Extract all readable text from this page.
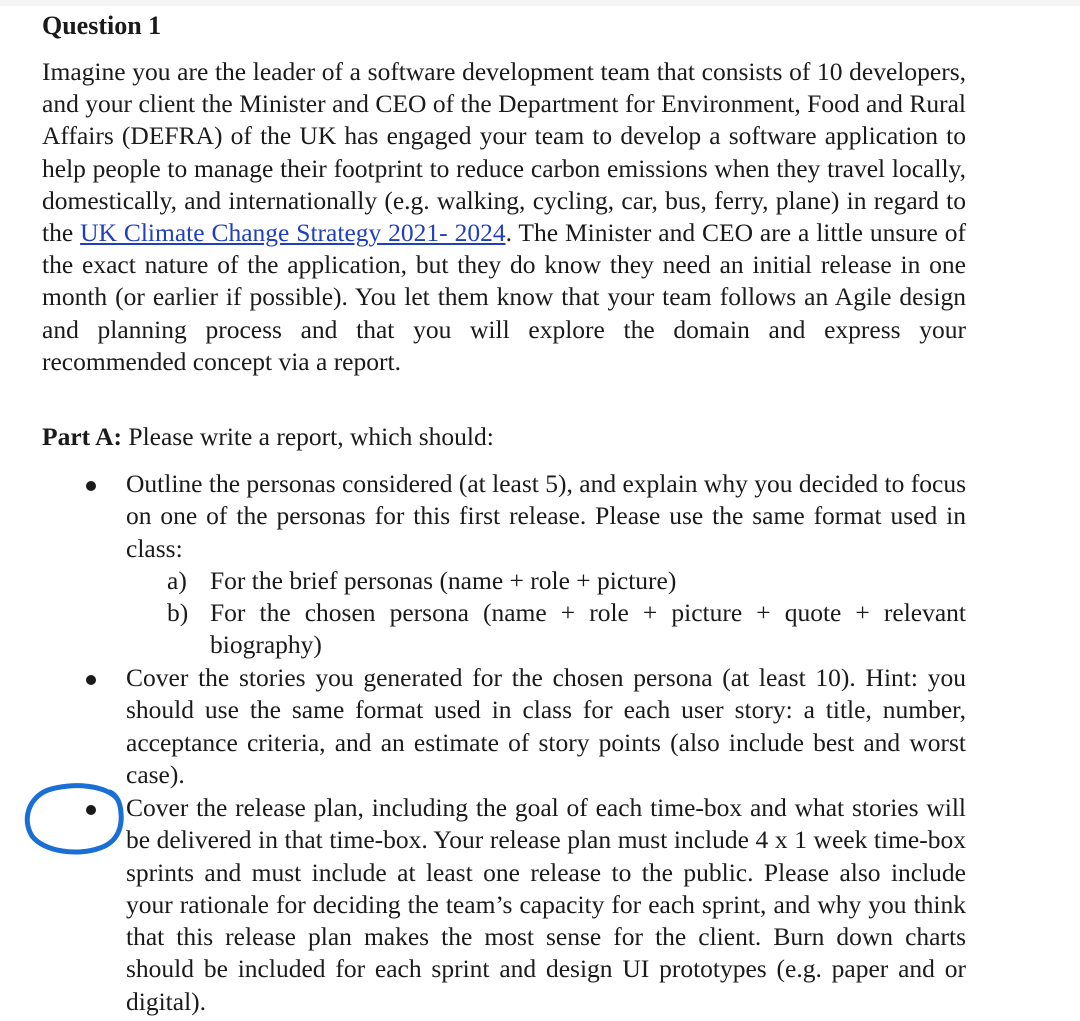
Question 1

Imagine you are the leader of a software development team that consists of 10 developers, and your client the Minister and CEO of the Department for Environment, Food and Rural Affairs (DEFRA) of the UK has engaged your team to develop a software application to help people to manage their footprint to reduce carbon emissions when they travel locally, domestically, and internationally (e.g. walking, cycling, car, bus, ferry, plane) in regard to the UK Climate Change Strategy 2021- 2024. The Minister and CEO are a little unsure of the exact nature of the application, but they do know they need an initial release in one month (or earlier if possible). You let them know that your team follows an Agile design and planning process and that you will explore the domain and express your recommended concept via a report.

Part A: Please write a report, which should:

Outline the personas considered (at least 5), and explain why you decided to focus on one of the personas for this first release. Please use the same format used in class:

a) For the brief personas (name + role + picture)

b) For the chosen persona (name + role + picture + quote + relevant biography)

Cover the stories you generated for the chosen persona (at least 10). Hint: you should use the same format used in class for each user story: a title, number, acceptance criteria, and an estimate of story points (also include best and worst case).

Cover the release plan, including the goal of each time-box and what stories will be delivered in that time-box. Your release plan must include 4 x 1 week time-box sprints and must include at least one release to the public. Please also include your rationale for deciding the team’s capacity for each sprint, and why you think that this release plan makes the most sense for the client. Burn down charts should be included for each sprint and design UI prototypes (e.g. paper and or digital).
